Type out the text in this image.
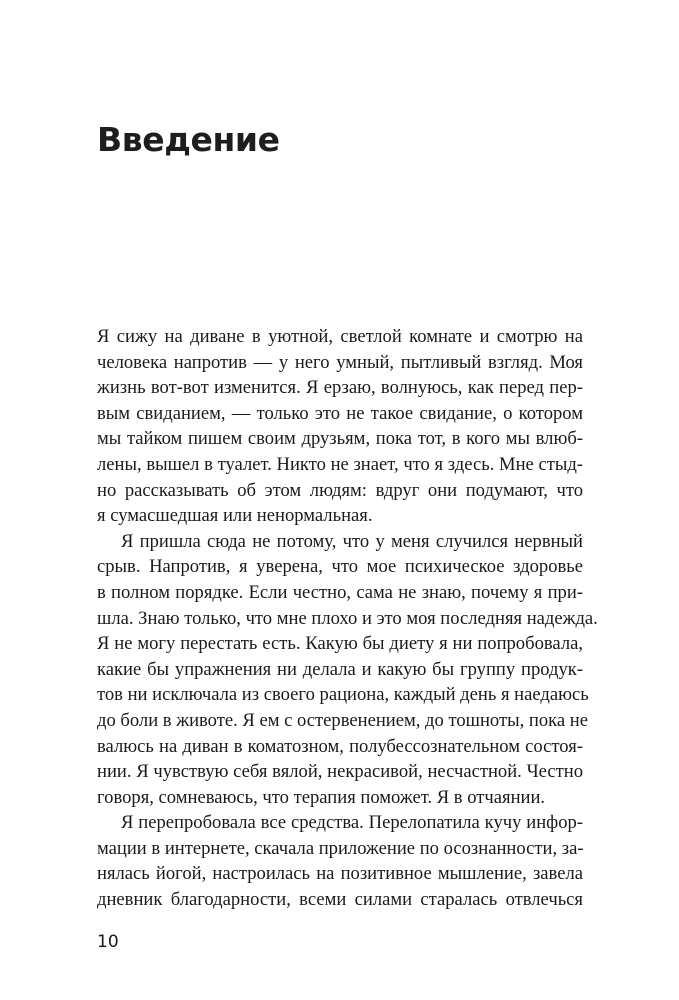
Введение
Я сижу на диване в уютной, светлой комнате и смотрю на
человека напротив — у него умный, пытливый взгляд. Моя
жизнь вот-вот изменится. Я ерзаю, волнуюсь, как перед пер-
вым свиданием, — только это не такое свидание, о котором
мы тайком пишем своим друзьям, пока тот, в кого мы влюб-
лены, вышел в туалет. Никто не знает, что я здесь. Мне стыд-
но рассказывать об этом людям: вдруг они подумают, что
я сумасшедшая или ненормальная.
Я пришла сюда не потому, что у меня случился нервный
срыв. Напротив, я уверена, что мое психическое здоровье
в полном порядке. Если честно, сама не знаю, почему я при-
шла. Знаю только, что мне плохо и это моя последняя надежда.
Я не могу перестать есть. Какую бы диету я ни попробовала,
какие бы упражнения ни делала и какую бы группу продук-
тов ни исключала из своего рациона, каждый день я наедаюсь
до боли в животе. Я ем с остервенением, до тошноты, пока не
валюсь на диван в коматозном, полубессознательном состоя-
нии. Я чувствую себя вялой, некрасивой, несчастной. Честно
говоря, сомневаюсь, что терапия поможет. Я в отчаянии.
Я перепробовала все средства. Перелопатила кучу инфор-
мации в интернете, скачала приложение по осознанности, за-
нялась йогой, настроилась на позитивное мышление, завела
дневник благодарности, всеми силами старалась отвлечься
10
